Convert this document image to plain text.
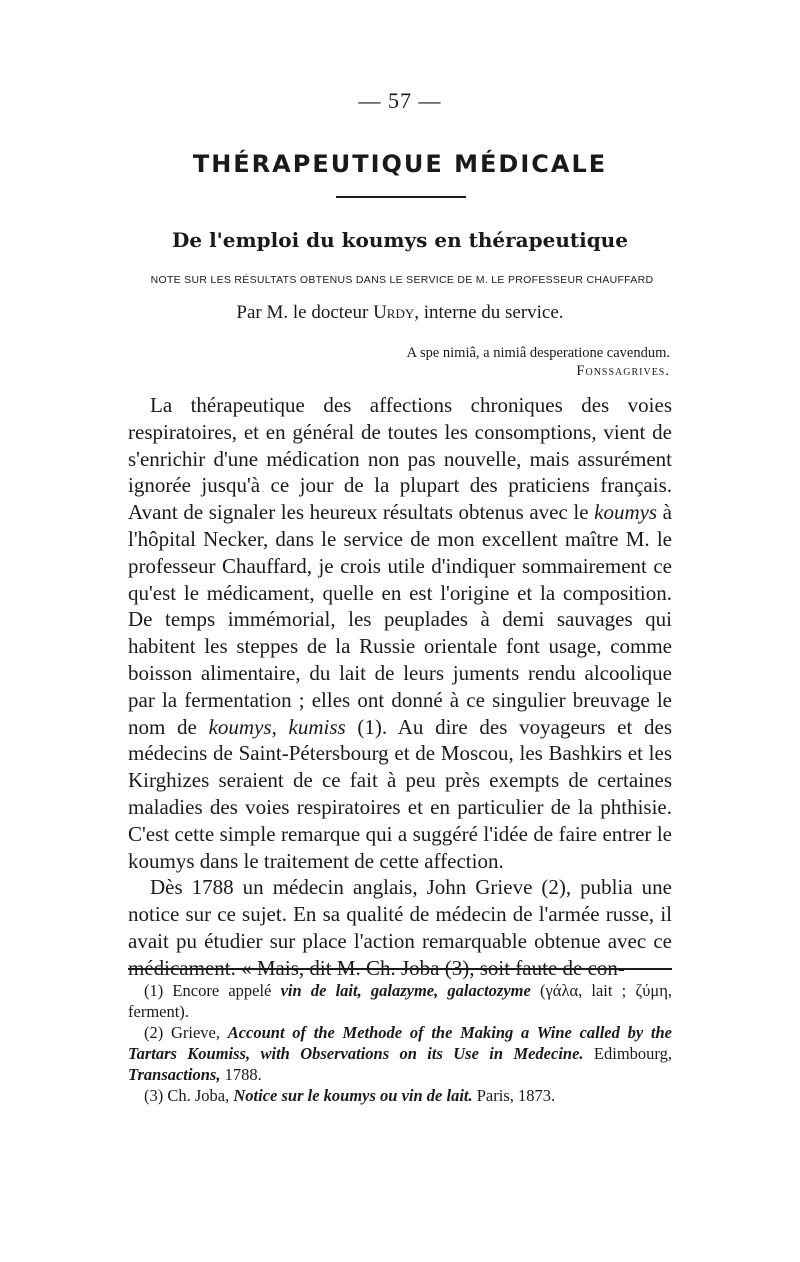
— 57 —
THÉRAPEUTIQUE MÉDICALE
De l'emploi du koumys en thérapeutique
NOTE SUR LES RÉSULTATS OBTENUS DANS LE SERVICE DE M. LE PROFESSEUR CHAUFFARD
Par M. le docteur Urdy, interne du service.
A spe nimiâ, a nimiâ desperatione cavendum.
Fonssagrives.

La thérapeutique des affections chroniques des voies respiratoires, et en général de toutes les consomptions, vient de s'enrichir d'une médication non pas nouvelle, mais assurément ignorée jusqu'à ce jour de la plupart des praticiens français. Avant de signaler les heureux résultats obtenus avec le koumys à l'hôpital Necker, dans le service de mon excellent maître M. le professeur Chauffard, je crois utile d'indiquer sommairement ce qu'est le médicament, quelle en est l'origine et la composition. De temps immémorial, les peuplades à demi sauvages qui habitent les steppes de la Russie orientale font usage, comme boisson alimentaire, du lait de leurs juments rendu alcoolique par la fermentation ; elles ont donné à ce singulier breuvage le nom de koumys, kumiss (1). Au dire des voyageurs et des médecins de Saint-Pétersbourg et de Moscou, les Bashkirs et les Kirghizes seraient de ce fait à peu près exempts de certaines maladies des voies respiratoires et en particulier de la phthisie. C'est cette simple remarque qui a suggéré l'idée de faire entrer le koumys dans le traitement de cette affection.

Dès 1788 un médecin anglais, John Grieve (2), publia une notice sur ce sujet. En sa qualité de médecin de l'armée russe, il avait pu étudier sur place l'action remarquable obtenue avec ce médicament. « Mais, dit M. Ch. Joba (3), soit faute de con-

(1) Encore appelé vin de lait, galazyme, galactozyme (γάλα, lait ; ζύμη, ferment).

(2) Grieve, Account of the Methode of the Making a Wine called by the Tartars Koumiss, with Observations on its Use in Medecine. Edimbourg, Transactions, 1788.

(3) Ch. Joba, Notice sur le koumys ou vin de lait. Paris, 1873.
